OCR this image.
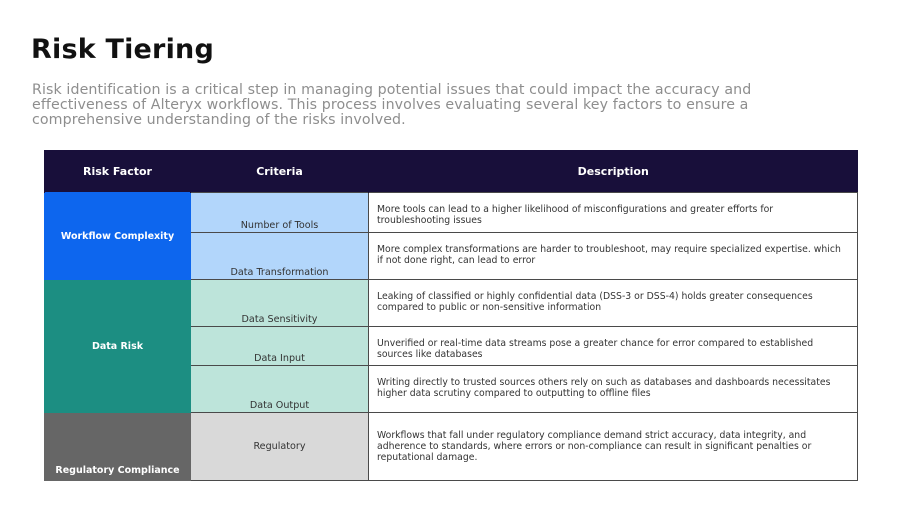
Risk Tiering

Risk identification is a critical step in managing potential issues that could impact the accuracy and effectiveness of Alteryx workflows. This process involves evaluating several key factors to ensure a comprehensive understanding of the risks involved.

Risk Factor	Criteria	Description
Workflow Complexity	Number of Tools	More tools can lead to a higher likelihood of misconfigurations and greater efforts for troubleshooting issues
	Data Transformation	More complex transformations are harder to troubleshoot, may require specialized expertise. which if not done right, can lead to error
Data Risk	Data Sensitivity	Leaking of classified or highly confidential data (DSS-3 or DSS-4) holds greater consequences compared to public or non-sensitive information
	Data Input	Unverified or real-time data streams pose a greater chance for error compared to established sources like databases
	Data Output	Writing directly to trusted sources others rely on such as databases and dashboards necessitates higher data scrutiny compared to outputting to offline files
Regulatory Compliance	Regulatory	Workflows that fall under regulatory compliance demand strict accuracy, data integrity, and adherence to standards, where errors or non-compliance can result in significant penalties or reputational damage.
